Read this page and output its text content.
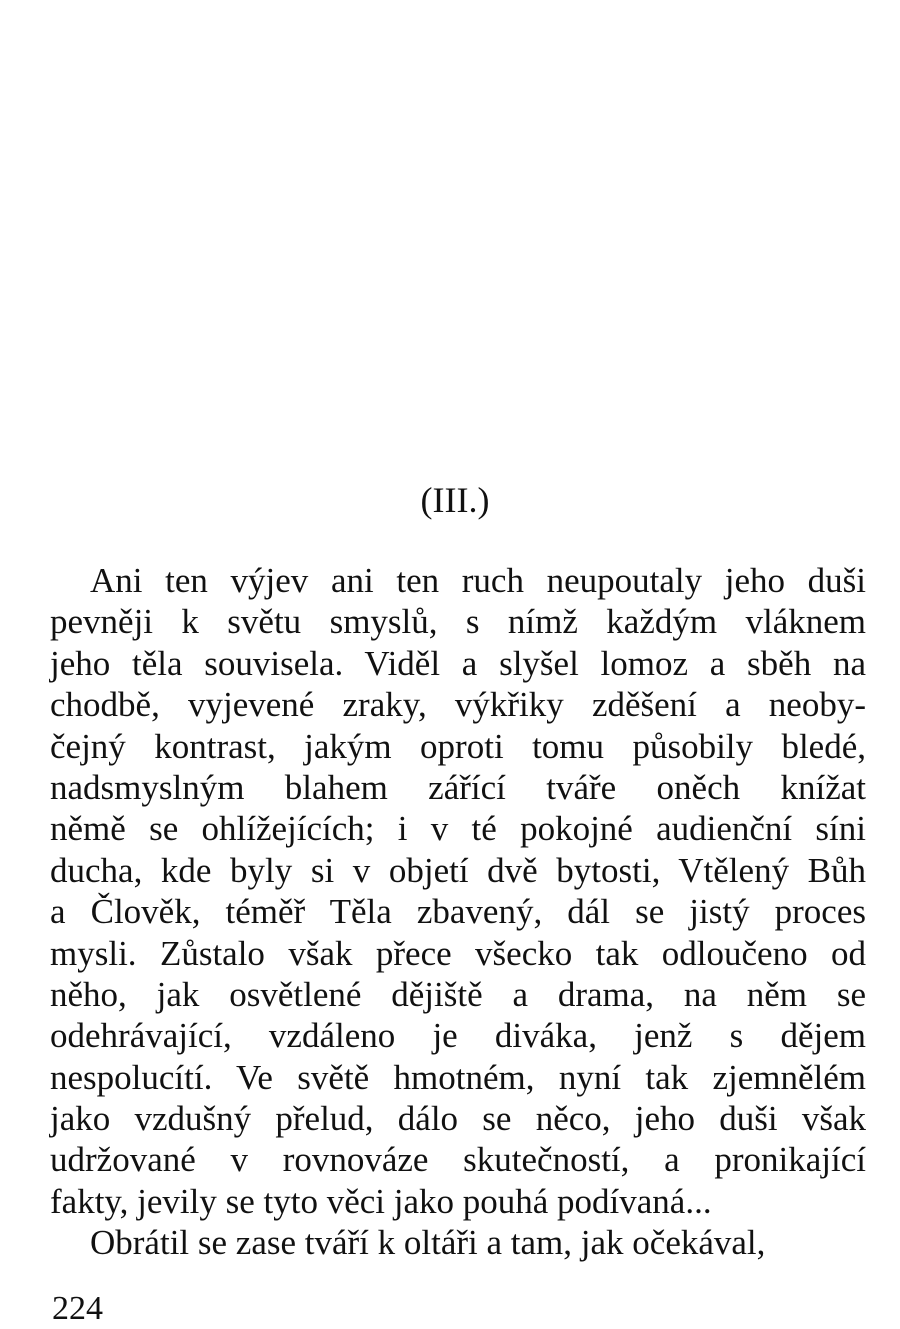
(III.)
Ani ten výjev ani ten ruch neupoutaly jeho duši
pevněji k světu smyslů, s nímž každým vláknem
jeho těla souvisela. Viděl a slyšel lomoz a sběh na
chodbě, vyjevené zraky, výkřiky zděšení a neoby-
čejný kontrast, jakým oproti tomu působily bledé,
nadsmyslným blahem zářící tváře oněch knížat
němě se ohlížejících; i v té pokojné audienční síni
ducha, kde byly si v objetí dvě bytosti, Vtělený Bůh
a Člověk, téměř Těla zbavený, dál se jistý proces
mysli. Zůstalo však přece všecko tak odloučeno od
něho, jak osvětlené dějiště a drama, na něm se
odehrávající, vzdáleno je diváka, jenž s dějem
nespolucítí. Ve světě hmotném, nyní tak zjemnělém
jako vzdušný přelud, dálo se něco, jeho duši však
udržované v rovnováze skutečností, a pronikající
fakty, jevily se tyto věci jako pouhá podívaná...
Obrátil se zase tváří k oltáři a tam, jak očekával,
224
